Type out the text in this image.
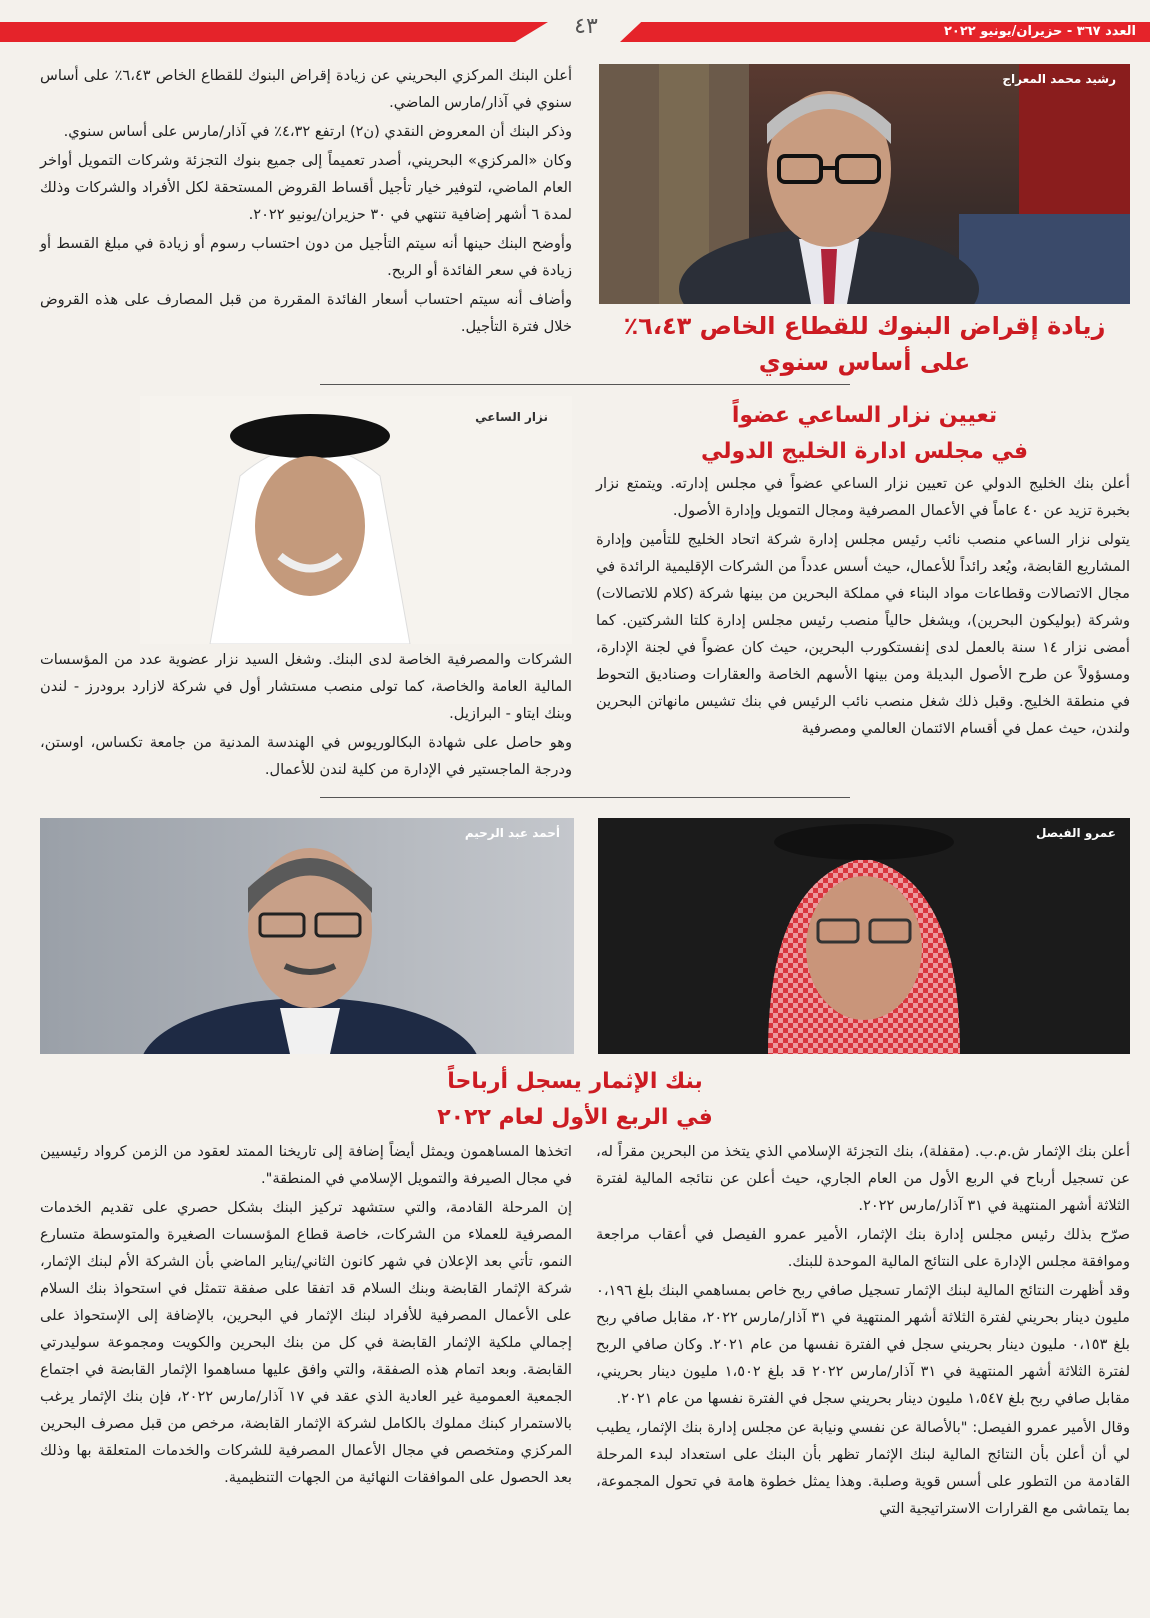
العدد ٣٦٧ - حزيران/يونيو ٢٠٢٢
٤٣
رشيد محمد المعراج
زيادة إقراض البنوك للقطاع الخاص ٦،٤٣٪
على أساس سنوي

أعلن البنك المركزي البحريني عن زيادة إقراض البنوك للقطاع الخاص ٦،٤٣٪ على أساس سنوي في آذار/مارس الماضي.

وذكر البنك أن المعروض النقدي (ن٢) ارتفع ٤،٣٢٪ في آذار/مارس على أساس سنوي.

وكان «المركزي» البحريني، أصدر تعميماً إلى جميع بنوك التجزئة وشركات التمويل أواخر العام الماضي، لتوفير خيار تأجيل أقساط القروض المستحقة لكل الأفراد والشركات وذلك لمدة ٦ أشهر إضافية تنتهي في ٣٠ حزيران/يونيو ٢٠٢٢.

وأوضح البنك حينها أنه سيتم التأجيل من دون احتساب رسوم أو زيادة في مبلغ القسط أو زيادة في سعر الفائدة أو الربح.

وأضاف أنه سيتم احتساب أسعار الفائدة المقررة من قبل المصارف على هذه القروض خلال فترة التأجيل.

تعيين نزار الساعي عضواً
في مجلس ادارة الخليج الدولي
نزار الساعي

أعلن بنك الخليج الدولي عن تعيين نزار الساعي عضواً في مجلس إدارته. ويتمتع نزار بخبرة تزيد عن ٤٠ عاماً في الأعمال المصرفية ومجال التمويل وإدارة الأصول.

يتولى نزار الساعي منصب نائب رئيس مجلس إدارة شركة اتحاد الخليج للتأمين وإدارة المشاريع القابضة، ويُعد رائداً للأعمال، حيث أسس عدداً من الشركات الإقليمية الرائدة في مجال الاتصالات وقطاعات مواد البناء في مملكة البحرين من بينها شركة (كلام للاتصالات) وشركة (بوليكون البحرين)، ويشغل حالياً منصب رئيس مجلس إدارة كلتا الشركتين. كما أمضى نزار ١٤ سنة بالعمل لدى إنفستكورب البحرين، حيث كان عضواً في لجنة الإدارة، ومسؤولاً عن طرح الأصول البديلة ومن بينها الأسهم الخاصة والعقارات وصناديق التحوط في منطقة الخليج. وقبل ذلك شغل منصب نائب الرئيس في بنك تشيس مانهاتن البحرين ولندن، حيث عمل في أقسام الائتمان العالمي ومصرفية

الشركات والمصرفية الخاصة لدى البنك. وشغل السيد نزار عضوية عدد من المؤسسات المالية العامة والخاصة، كما تولى منصب مستشار أول في شركة لازارد برودرز - لندن وبنك ايتاو - البرازيل.

وهو حاصل على شهادة البكالوريوس في الهندسة المدنية من جامعة تكساس، اوستن، ودرجة الماجستير في الإدارة من كلية لندن للأعمال.

عمرو الفيصل
أحمد عبد الرحيم
بنك الإثمار يسجل أرباحاً
في الربع الأول لعام ٢٠٢٢

أعلن بنك الإثمار ش.م.ب. (مقفلة)، بنك التجزئة الإسلامي الذي يتخذ من البحرين مقراً له، عن تسجيل أرباح في الربع الأول من العام الجاري، حيث أعلن عن نتائجه المالية لفترة الثلاثة أشهر المنتهية في ٣١ آذار/مارس ٢٠٢٢.

صرّح بذلك رئيس مجلس إدارة بنك الإثمار، الأمير عمرو الفيصل في أعقاب مراجعة وموافقة مجلس الإدارة على النتائج المالية الموحدة للبنك.

وقد أظهرت النتائج المالية لبنك الإثمار تسجيل صافي ربح خاص بمساهمي البنك بلغ ٠،١٩٦ مليون دينار بحريني لفترة الثلاثة أشهر المنتهية في ٣١ آذار/مارس ٢٠٢٢، مقابل صافي ربح بلغ ٠،١٥٣ مليون دينار بحريني سجل في الفترة نفسها من عام ٢٠٢١. وكان صافي الربح لفترة الثلاثة أشهر المنتهية في ٣١ آذار/مارس ٢٠٢٢ قد بلغ ١،٥٠٢ مليون دينار بحريني، مقابل صافي ربح بلغ ١،٥٤٧ مليون دينار بحريني سجل في الفترة نفسها من عام ٢٠٢١.

وقال الأمير عمرو الفيصل: "بالأصالة عن نفسي ونيابة عن مجلس إدارة بنك الإثمار، يطيب لي أن أعلن بأن النتائج المالية لبنك الإثمار تظهر بأن البنك على استعداد لبدء المرحلة القادمة من التطور على أسس قوية وصلبة. وهذا يمثل خطوة هامة في تحول المجموعة، بما يتماشى مع القرارات الاستراتيجية التي

اتخذها المساهمون ويمثل أيضاً إضافة إلى تاريخنا الممتد لعقود من الزمن كرواد رئيسيين في مجال الصيرفة والتمويل الإسلامي في المنطقة".

إن المرحلة القادمة، والتي ستشهد تركيز البنك بشكل حصري على تقديم الخدمات المصرفية للعملاء من الشركات، خاصة قطاع المؤسسات الصغيرة والمتوسطة متسارع النمو، تأتي بعد الإعلان في شهر كانون الثاني/يناير الماضي بأن الشركة الأم لبنك الإثمار، شركة الإثمار القابضة وبنك السلام قد اتفقا على صفقة تتمثل في استحواذ بنك السلام على الأعمال المصرفية للأفراد لبنك الإثمار في البحرين، بالإضافة إلى الإستحواذ على إجمالي ملكية الإثمار القابضة في كل من بنك البحرين والكويت ومجموعة سوليدرتي القابضة. وبعد اتمام هذه الصفقة، والتي وافق عليها مساهموا الإثمار القابضة في اجتماع الجمعية العمومية غير العادية الذي عقد في ١٧ آذار/مارس ٢٠٢٢، فإن بنك الإثمار يرغب بالاستمرار كبنك مملوك بالكامل لشركة الإثمار القابضة، مرخص من قبل مصرف البحرين المركزي ومتخصص في مجال الأعمال المصرفية للشركات والخدمات المتعلقة بها وذلك بعد الحصول على الموافقات النهائية من الجهات التنظيمية.
